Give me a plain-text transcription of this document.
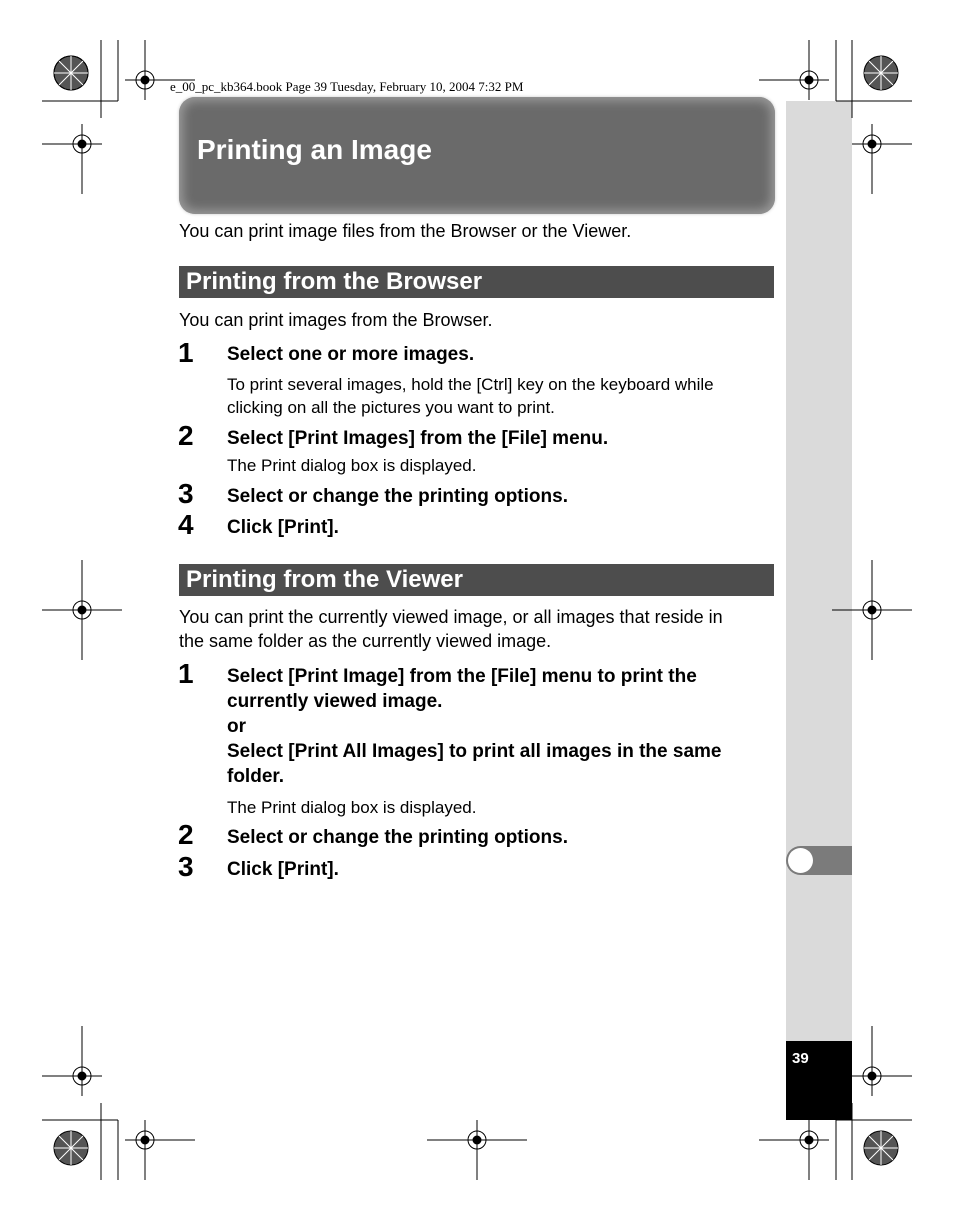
39
e_00_pc_kb364.book Page 39 Tuesday, February 10, 2004 7:32 PM
Printing an Image
You can print image files from the Browser or the Viewer.
Printing from the Browser
You can print images from the Browser.
1 Select one or more images.
To print several images, hold the [Ctrl] key on the keyboard while
clicking on all the pictures you want to print.
2 Select [Print Images] from the [File] menu.
The Print dialog box is displayed.
3 Select or change the printing options.
4 Click [Print].
Printing from the Viewer
You can print the currently viewed image, or all images that reside in
the same folder as the currently viewed image.
1 Select [Print Image] from the [File] menu to print the
currently viewed image.
or
Select [Print All Images] to print all images in the same
folder.
The Print dialog box is displayed.
2 Select or change the printing options.
3 Click [Print].
